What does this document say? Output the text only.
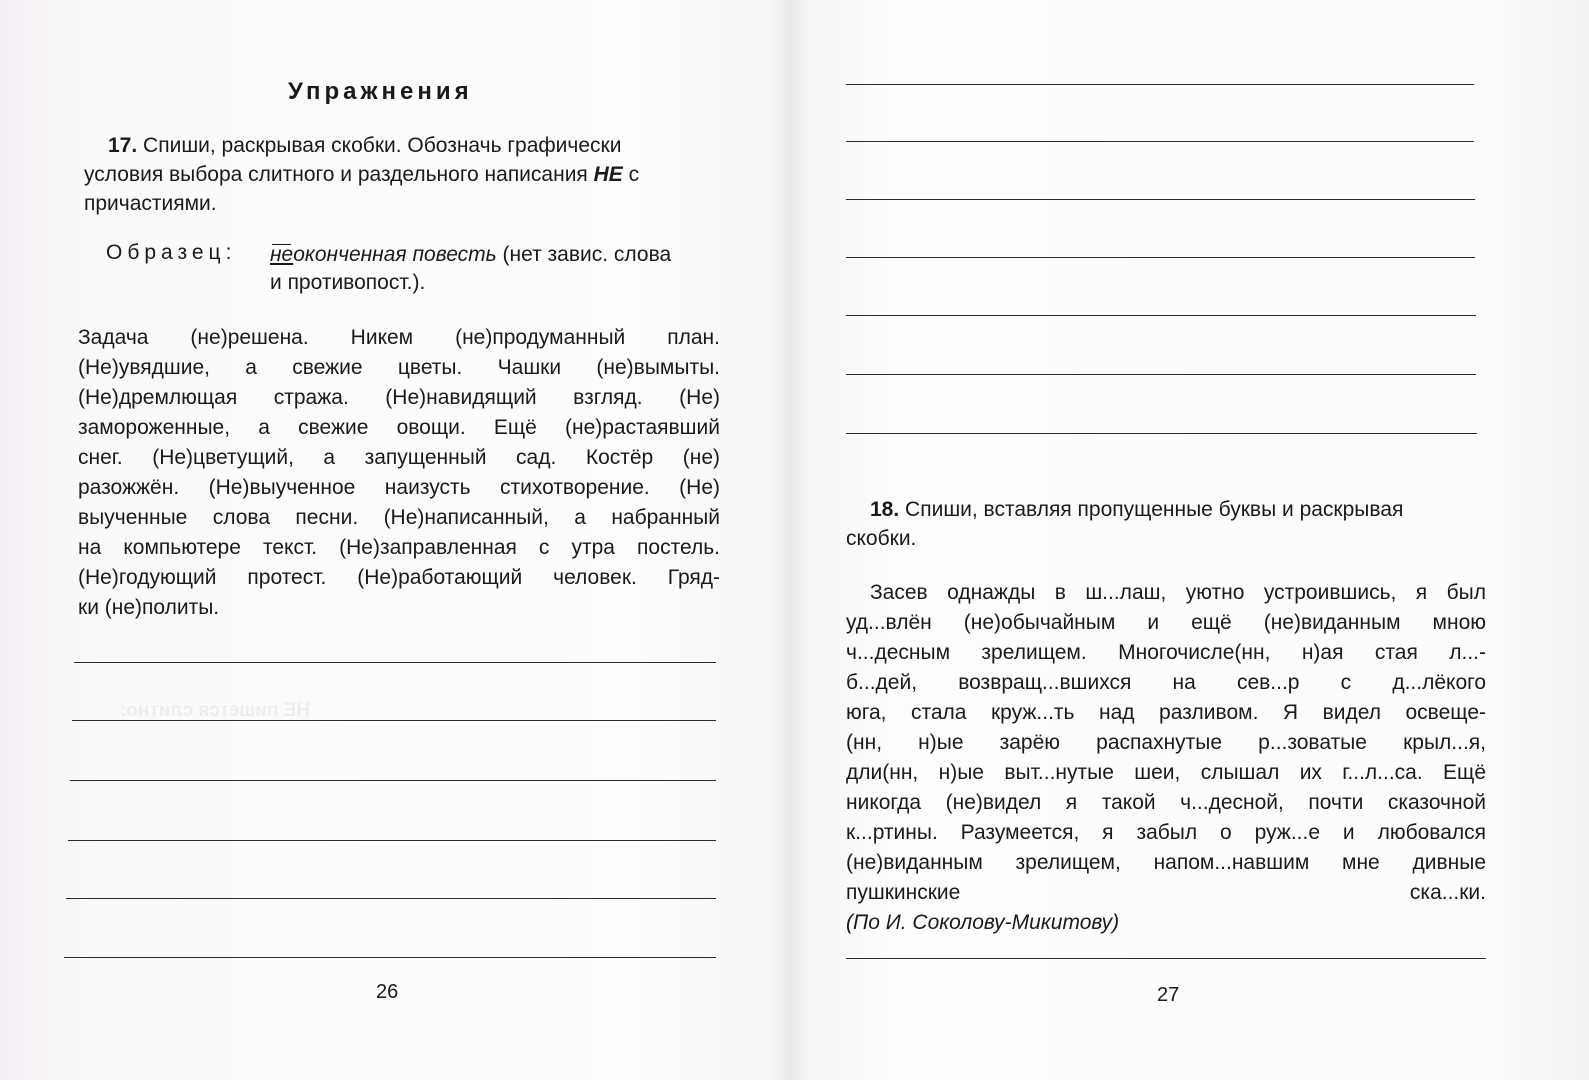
НЕ пишется слитно:
Упражнения
17. Спиши, раскрывая скобки. Обозначь графически
условия выбора слитного и раздельного написания НЕ с
причастиями.
Образец: неоконченная повесть (нет завис. слова
и противопост.).
Задача (не)решена. Никем (не)продуманный план.
(Не)увядшие, а свежие цветы. Чашки (не)вымыты.
(Не)дремлющая стража. (Не)навидящий взгляд. (Не)
замороженные, а свежие овощи. Ещё (не)растаявший
снег. (Не)цветущий, а запущенный сад. Костёр (не)
разожжён. (Не)выученное наизусть стихотворение. (Не)
выученные слова песни. (Не)написанный, а набранный
на компьютере текст. (Не)заправленная с утра постель.
(Не)годующий протест. (Не)работающий человек. Гряд-
ки (не)политы.
26
18. Спиши, вставляя пропущенные буквы и раскрывая
скобки.
Засев однажды в ш...лаш, уютно устроившись, я был
уд...влён (не)обычайным и ещё (не)виданным мною
ч...десным зрелищем. Многочисле(нн, н)ая стая л...-
б...дей, возвращ...вшихся на сев...р с д...лёкого
юга, стала круж...ть над разливом. Я видел освеще-
(нн, н)ые зарёю распахнутые р...зоватые крыл...я,
дли(нн, н)ые выт...нутые шеи, слышал их г...л...са. Ещё
никогда (не)видел я такой ч...десной, почти сказочной
к...ртины. Разумеется, я забыл о руж...е и любовался
(не)виданным зрелищем, напом...навшим мне дивные
пушкинские ска...ки.
(По И. Соколову-Микитову)
27
